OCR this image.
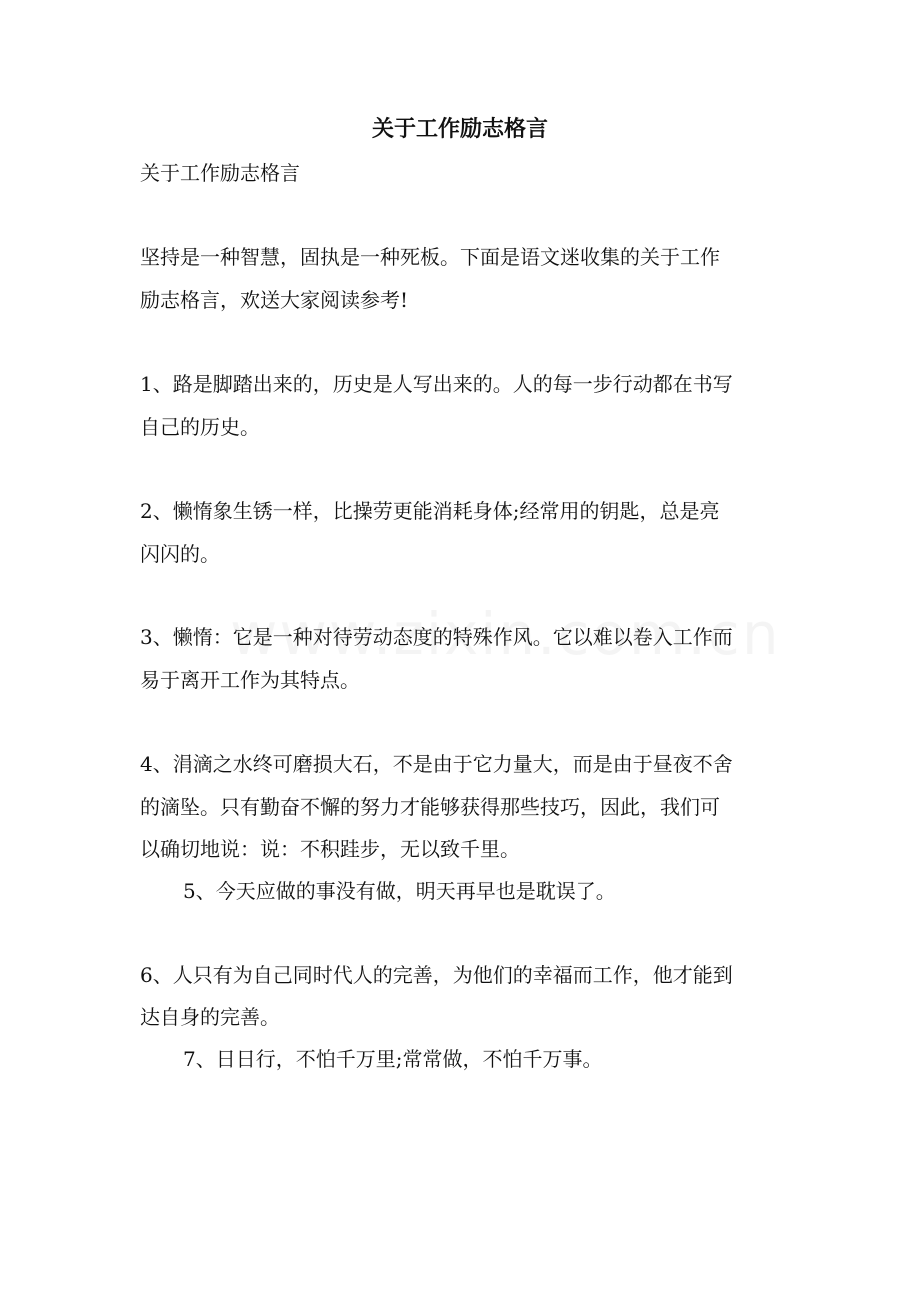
关于工作励志格言
关于工作励志格言
坚持是一种智慧，固执是一种死板。下面是语文迷收集的关于工作
励志格言，欢送大家阅读参考!
1、路是脚踏出来的，历史是人写出来的。人的每一步行动都在书写
自己的历史。
2、懒惰象生锈一样，比操劳更能消耗身体;经常用的钥匙，总是亮
闪闪的。
3、懒惰：它是一种对待劳动态度的特殊作风。它以难以卷入工作而
易于离开工作为其特点。
4、涓滴之水终可磨损大石，不是由于它力量大，而是由于昼夜不舍
的滴坠。只有勤奋不懈的努力才能够获得那些技巧，因此，我们可
以确切地说：说：不积跬步，无以致千里。
5、今天应做的事没有做，明天再早也是耽误了。
6、人只有为自己同时代人的完善，为他们的幸福而工作，他才能到
达自身的完善。
7、日日行，不怕千万里;常常做，不怕千万事。
